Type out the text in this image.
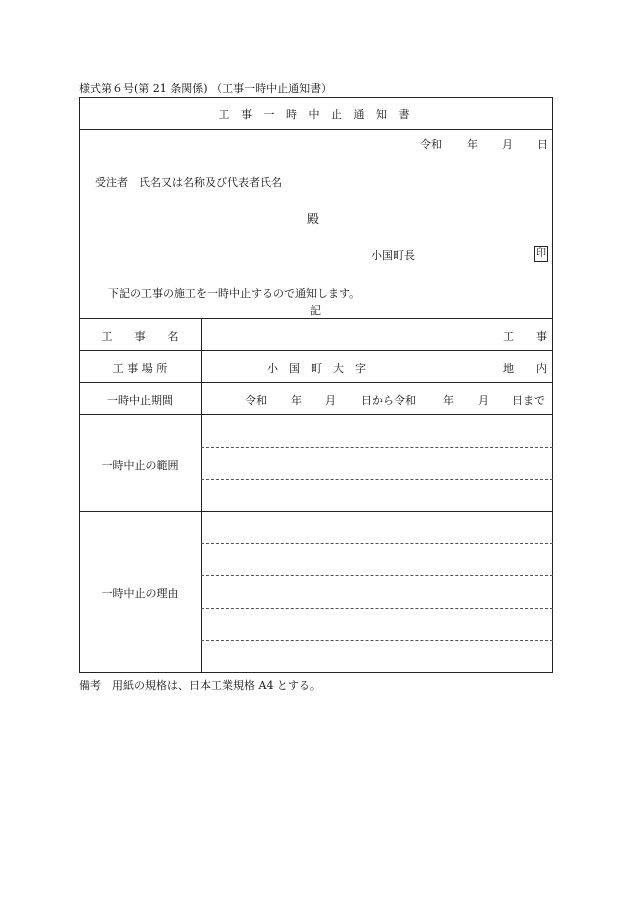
様式第６号(第 21 条関係) （工事一時中止通知書）
工 事 一 時 中 止 通 知 書
令和 年 月 日
受注者　氏名又は名称及び代表者氏名
殿
小国町長	印
下記の工事の施工を一時中止するので通知します。
記
工　　事　　名	工　　事
工 事 場 所	小　国　町　大　字	地　　内
一時中止期間	令和 年 月 日から令和 年 月 日まで
一時中止の範囲
一時中止の理由
備考　用紙の規格は、日本工業規格 A4 とする。
